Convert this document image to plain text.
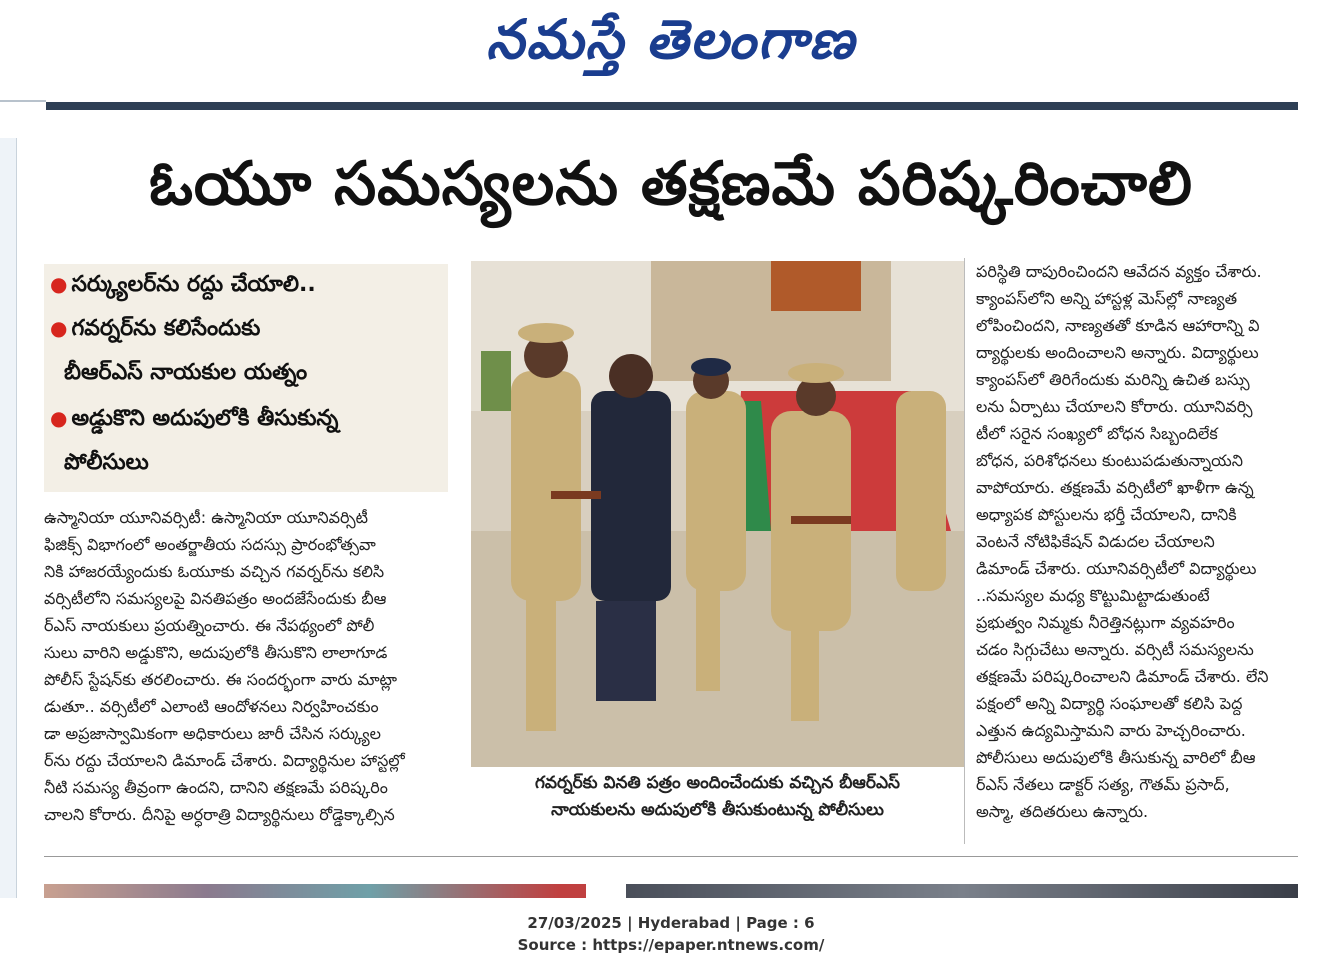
నమస్తే తెలంగాణ
ఓయూ సమస్యలను తక్షణమే పరిష్కరించాలి
● సర్క్యులర్‌ను రద్దు చేయాలి..
● గవర్నర్‌ను కలిసేందుకు
బీఆర్‌ఎస్ నాయకుల యత్నం
● అడ్డుకొని అదుపులోకి తీసుకున్న
పోలీసులు

ఉస్మానియా యూనివర్సిటీ: ఉస్మానియా యూనివర్సిటీ

ఫిజిక్స్ విభాగంలో అంతర్జాతీయ సదస్సు ప్రారంభోత్సవా

నికి హాజరయ్యేందుకు ఓయూకు వచ్చిన గవర్నర్‌ను కలిసి

వర్సిటీలోని సమస్యలపై వినతిపత్రం అందజేసేందుకు బీఆ

ర్‌ఎస్ నాయకులు ప్రయత్నించారు. ఈ నేపథ్యంలో పోలీ

సులు వారిని అడ్డుకొని, అదుపులోకి తీసుకొని లాలాగూడ

పోలీస్ స్టేషన్‌కు తరలించారు. ఈ సందర్భంగా వారు మాట్లా

డుతూ.. వర్సిటీలో ఎలాంటి ఆందోళనలు నిర్వహించకుం

డా అప్రజాస్వామికంగా అధికారులు జారీ చేసిన సర్క్యుల

ర్‌ను రద్దు చేయాలని డిమాండ్ చేశారు. విద్యార్థినుల హాస్టల్లో

నీటి సమస్య తీవ్రంగా ఉందని, దానిని తక్షణమే పరిష్కరిం

చాలని కోరారు. దీనిపై అర్ధరాత్రి విద్యార్థినులు రోడ్డెక్కాల్సిన

గవర్నర్‌కు వినతి పత్రం అందించేందుకు వచ్చిన బీఆర్‌ఎస్
నాయకులను అదుపులోకి తీసుకుంటున్న పోలీసులు

పరిస్థితి దాపురించిందని ఆవేదన వ్యక్తం చేశారు.

క్యాంపస్‌లోని అన్ని హాస్టళ్ల మెస్‌ల్లో నాణ్యత

లోపించిందని, నాణ్యతతో కూడిన ఆహారాన్ని వి

ద్యార్థులకు అందించాలని అన్నారు. విద్యార్థులు

క్యాంపస్‌లో తిరిగేందుకు మరిన్ని ఉచిత బస్సు

లను ఏర్పాటు చేయాలని కోరారు. యూనివర్సి

టీలో సరైన సంఖ్యలో బోధన సిబ్బందిలేక

బోధన, పరిశోధనలు కుంటుపడుతున్నాయని

వాపోయారు. తక్షణమే వర్సిటీలో ఖాళీగా ఉన్న

అధ్యాపక పోస్టులను భర్తీ చేయాలని, దానికి

వెంటనే నోటిఫికేషన్ విడుదల చేయాలని

డిమాండ్ చేశారు. యూనివర్సిటీలో విద్యార్థులు

..సమస్యల మధ్య కొట్టుమిట్టాడుతుంటే

ప్రభుత్వం నిమ్మకు నీరెత్తినట్లుగా వ్యవహరిం

చడం సిగ్గుచేటు అన్నారు. వర్సిటీ సమస్యలను

తక్షణమే పరిష్కరించాలని డిమాండ్ చేశారు. లేని

పక్షంలో అన్ని విద్యార్థి సంఘాలతో కలిసి పెద్ద

ఎత్తున ఉద్యమిస్తామని వారు హెచ్చరించారు.

పోలీసులు అదుపులోకి తీసుకున్న వారిలో బీఆ

ర్‌ఎస్ నేతలు డాక్టర్ సత్య, గౌతమ్ ప్రసాద్,

అస్మా, తదితరులు ఉన్నారు.

27/03/2025 | Hyderabad | Page : 6
Source : https://epaper.ntnews.com/
